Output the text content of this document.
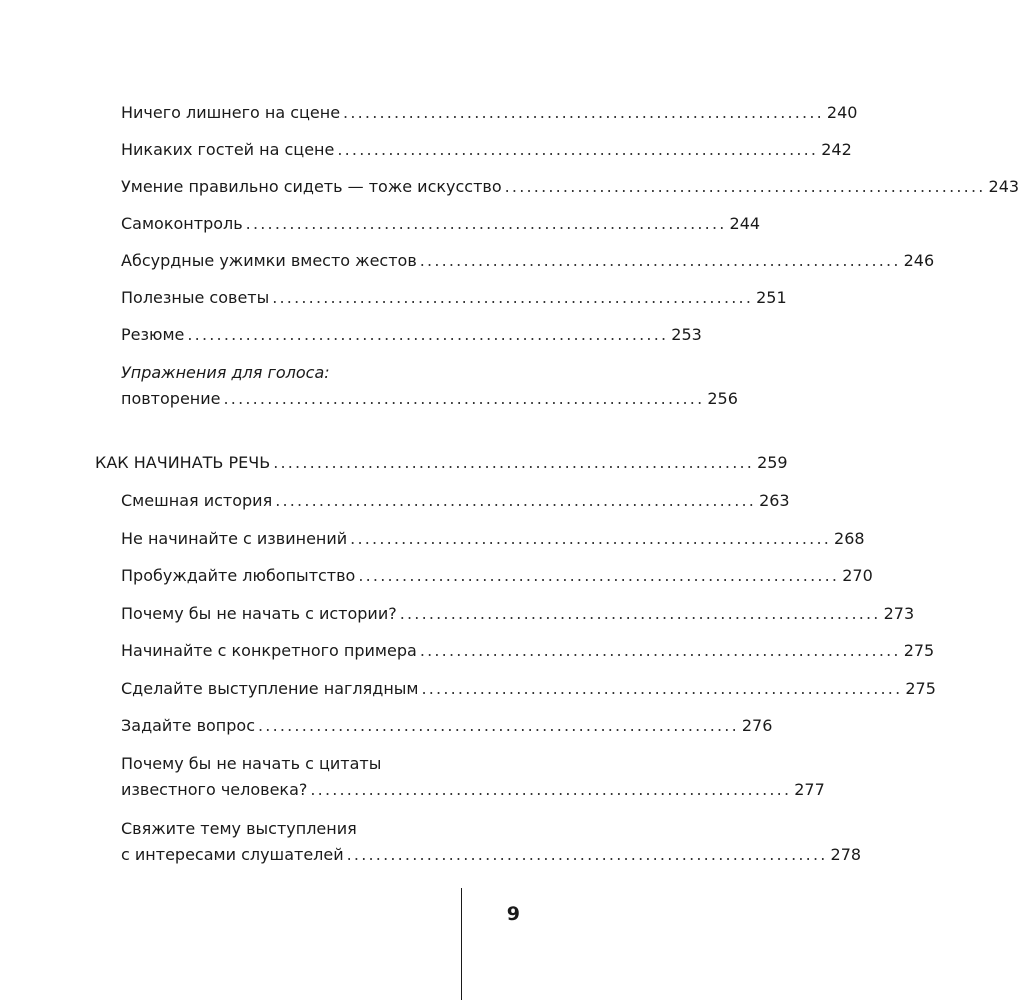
Ничего лишнего на сцене .................................................................. 240
Никаких гостей на сцене .................................................................. 242
Умение правильно сидеть — тоже искусство .................................................................. 243
Самоконтроль .................................................................. 244
Абсурдные ужимки вместо жестов .................................................................. 246
Полезные советы .................................................................. 251
Резюме .................................................................. 253
Упражнения для голоса:
повторение .................................................................. 256
КАК НАЧИНАТЬ РЕЧЬ .................................................................. 259
Смешная история .................................................................. 263
Не начинайте с извинений .................................................................. 268
Пробуждайте любопытство .................................................................. 270
Почему бы не начать с истории? .................................................................. 273
Начинайте с конкретного примера .................................................................. 275
Сделайте выступление наглядным .................................................................. 275
Задайте вопрос .................................................................. 276
Почему бы не начать с цитаты
известного человека? .................................................................. 277
Свяжите тему выступления
с интересами слушателей .................................................................. 278
9
